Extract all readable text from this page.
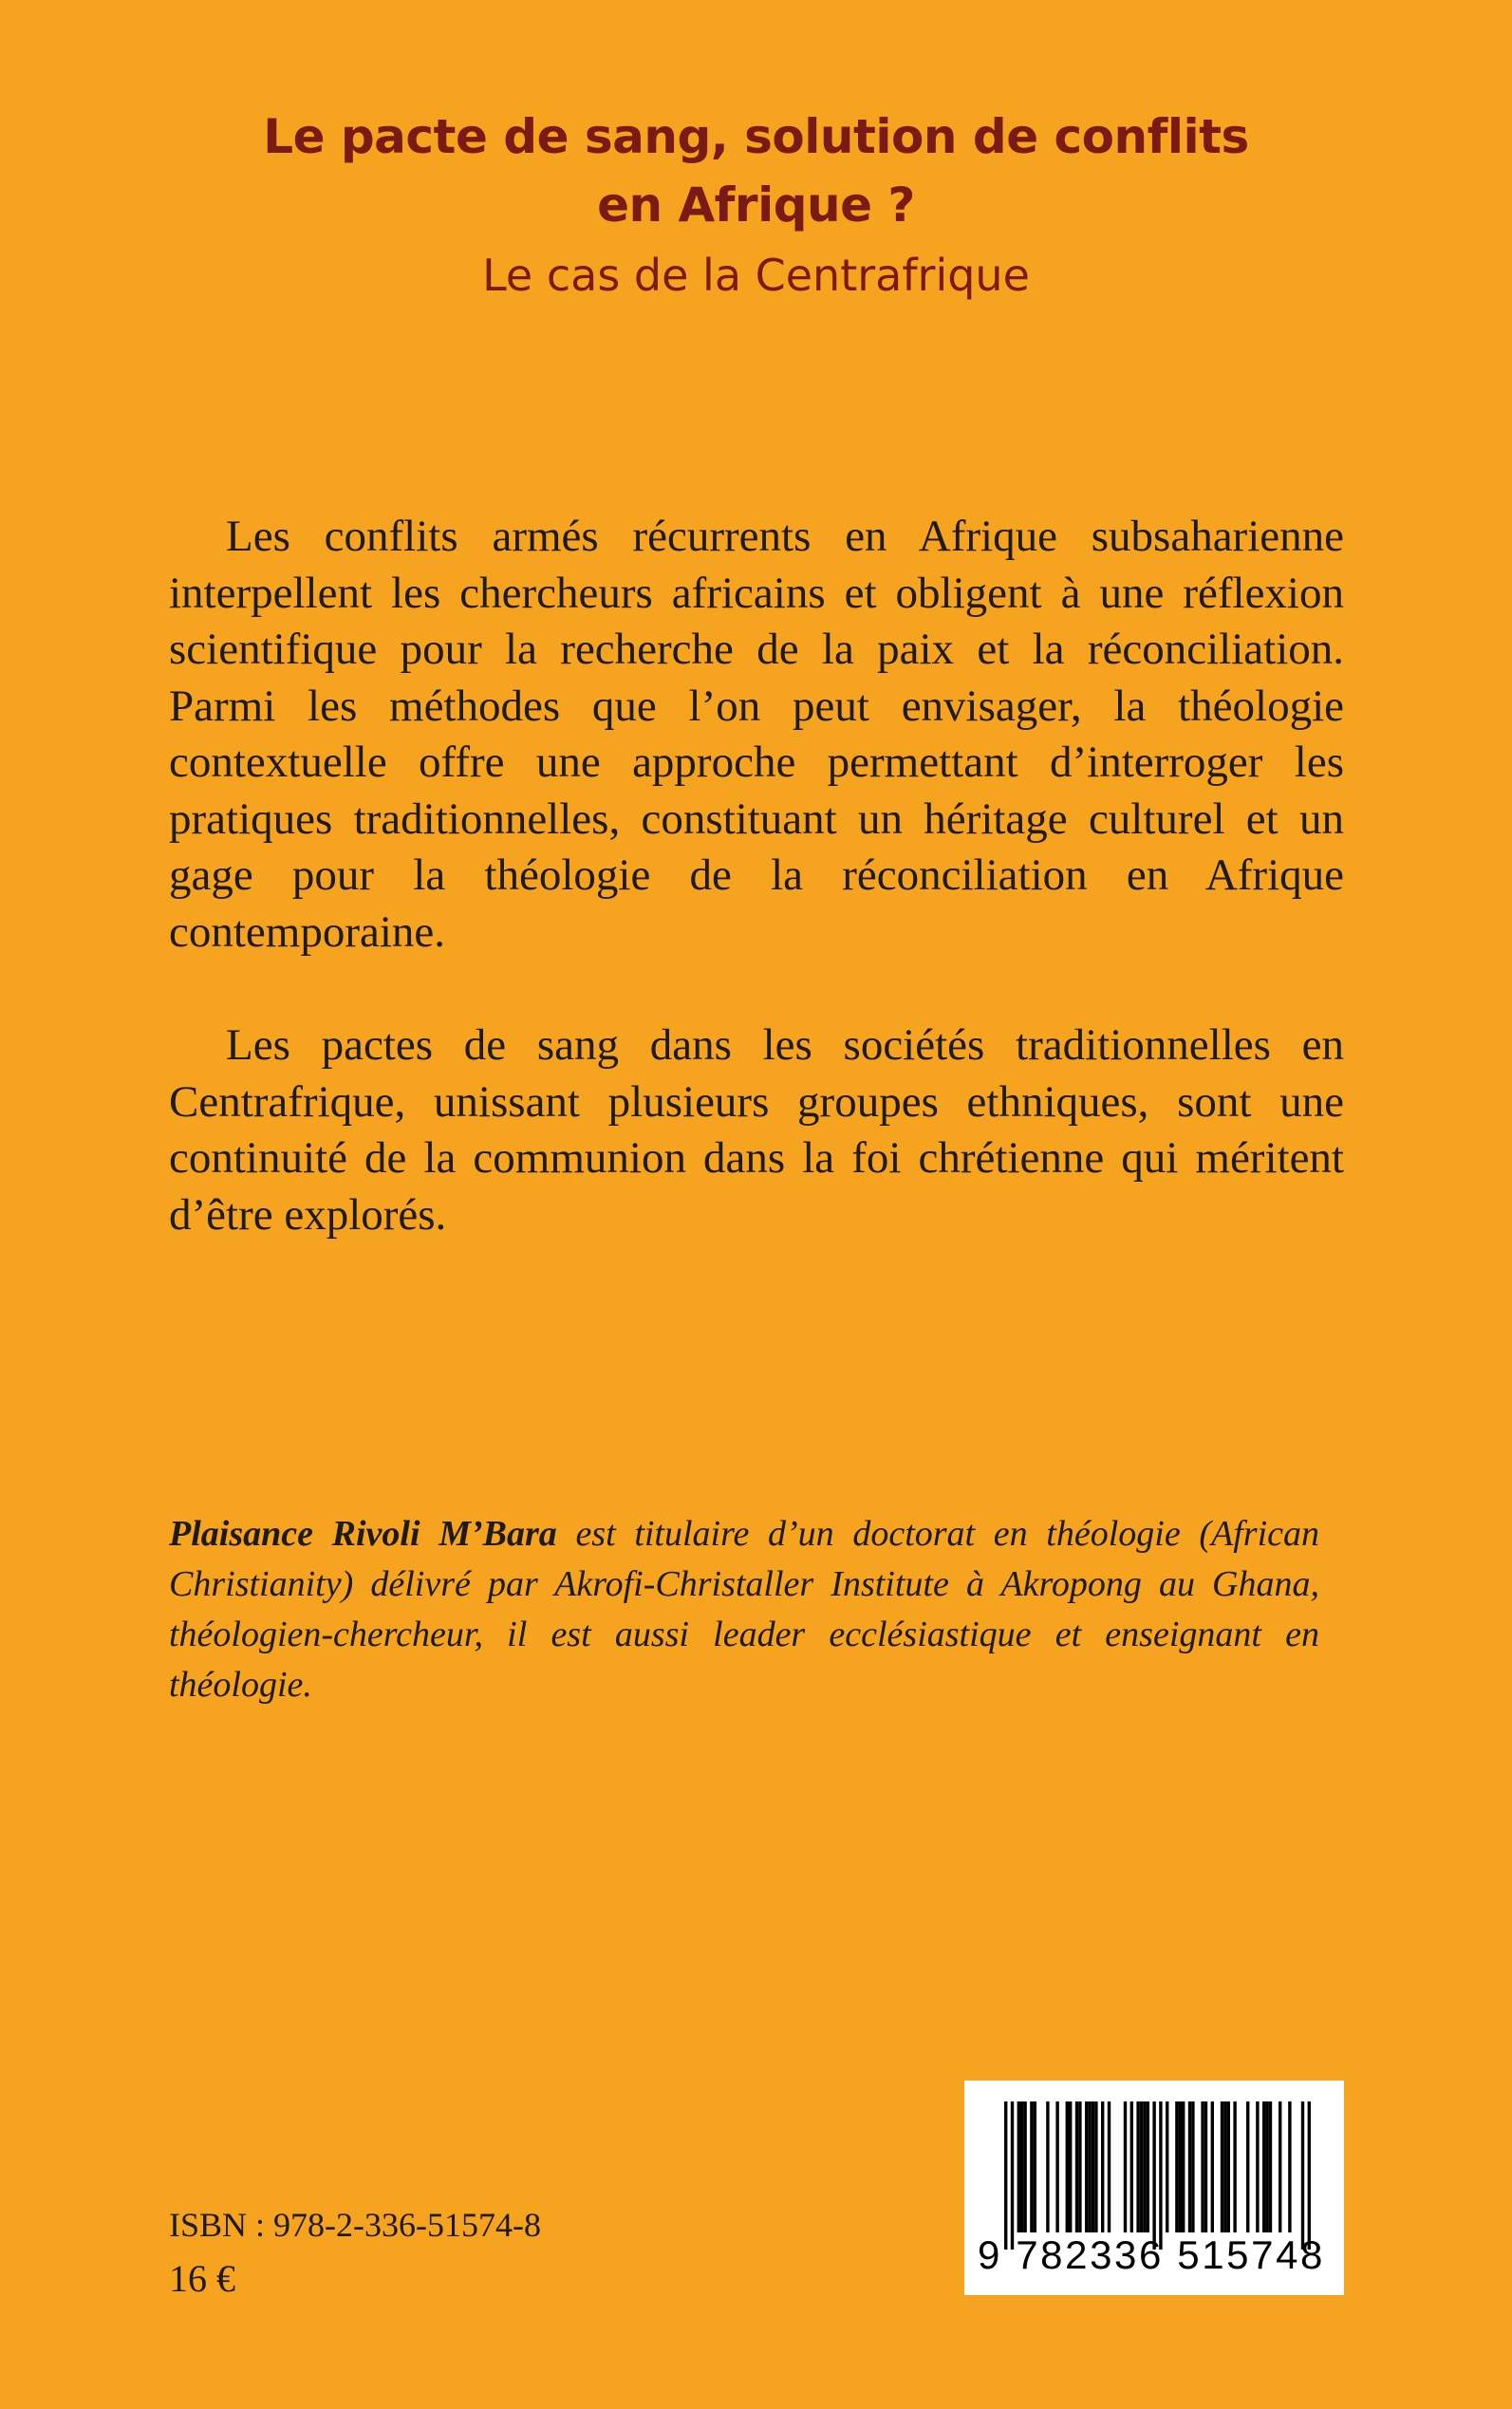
Le pacte de sang, solution de conflits
en Afrique ?
Le cas de la Centrafrique

Les conflits armés récurrents en Afrique subsaharienne interpellent les chercheurs africains et obligent à une réflexion scientifique pour la recherche de la paix et la réconciliation. Parmi les méthodes que l’on peut envisager, la théologie contextuelle offre une approche permettant d’interroger les pratiques traditionnelles, constituant un héritage culturel et un gage pour la théologie de la réconciliation en Afrique contemporaine.

Les pactes de sang dans les sociétés traditionnelles en Centrafrique, unissant plusieurs groupes ethniques, sont une continuité de la communion dans la foi chrétienne qui méritent d’être explorés.

Plaisance Rivoli M’Bara est titulaire d’un doctorat en théologie (African Christianity) délivré par Akrofi-Christaller Institute à Akropong au Ghana, théologien-chercheur, il est aussi leader ecclésiastique et enseignant en théologie.

ISBN : 978-2-336-51574-8
16 €
9 782336 515748
